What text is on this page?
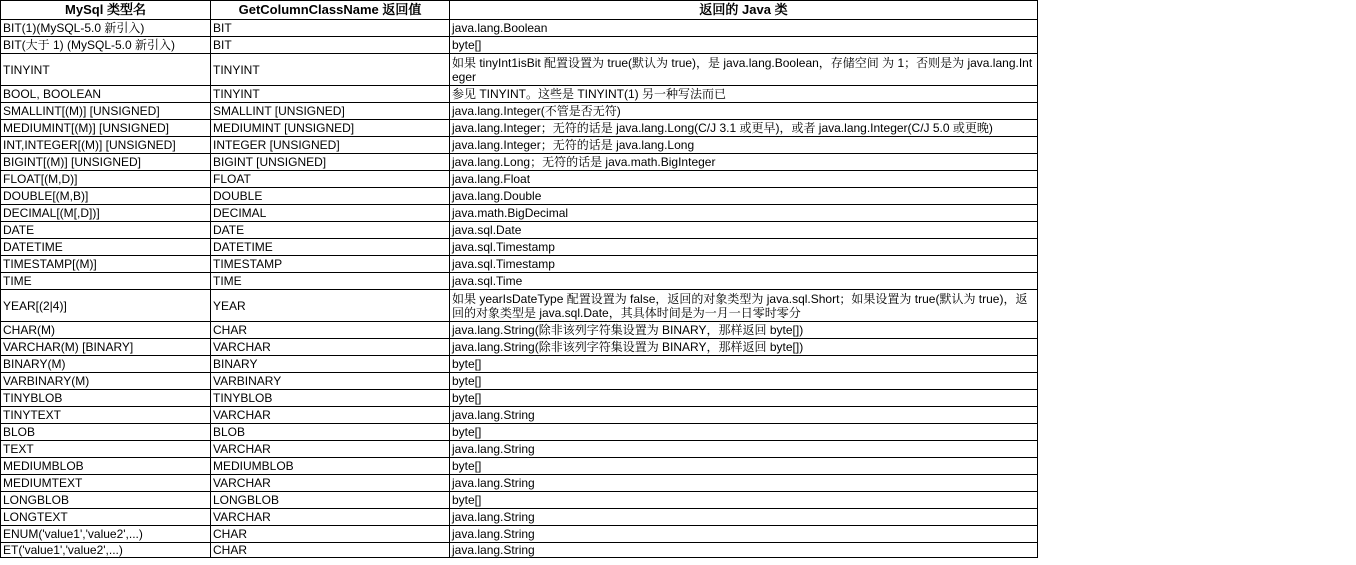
MySql 类型名	GetColumnClassName 返回值	返回的 Java 类
BIT(1)(MySQL-5.0 新引入)	BIT	java.lang.Boolean
BIT(大于 1) (MySQL-5.0 新引入)	BIT	byte[]
TINYINT	TINYINT	如果 tinyInt1isBit 配置设置为 true(默认为 true)，是 java.lang.Boolean，存储空间 为 1；否则是为 java.lang.Integer
BOOL, BOOLEAN	TINYINT	参见 TINYINT。这些是 TINYINT(1) 另一种写法而已
SMALLINT[(M)] [UNSIGNED]	SMALLINT [UNSIGNED]	java.lang.Integer(不管是否无符)
MEDIUMINT[(M)] [UNSIGNED]	MEDIUMINT [UNSIGNED]	java.lang.Integer；无符的话是 java.lang.Long(C/J 3.1 或更早)，或者 java.lang.Integer(C/J 5.0 或更晚)
INT,INTEGER[(M)] [UNSIGNED]	INTEGER [UNSIGNED]	java.lang.Integer；无符的话是 java.lang.Long
BIGINT[(M)] [UNSIGNED]	BIGINT [UNSIGNED]	java.lang.Long；无符的话是 java.math.BigInteger
FLOAT[(M,D)]	FLOAT	java.lang.Float
DOUBLE[(M,B)]	DOUBLE	java.lang.Double
DECIMAL[(M[,D])]	DECIMAL	java.math.BigDecimal
DATE	DATE	java.sql.Date
DATETIME	DATETIME	java.sql.Timestamp
TIMESTAMP[(M)]	TIMESTAMP	java.sql.Timestamp
TIME	TIME	java.sql.Time
YEAR[(2|4)]	YEAR	如果 yearIsDateType 配置设置为 false，返回的对象类型为 java.sql.Short；如果设置为 true(默认为 true)，返回的对象类型是 java.sql.Date，其具体时间是为一月一日零时零分
CHAR(M)	CHAR	java.lang.String(除非该列字符集设置为 BINARY，那样返回 byte[])
VARCHAR(M) [BINARY]	VARCHAR	java.lang.String(除非该列字符集设置为 BINARY，那样返回 byte[])
BINARY(M)	BINARY	byte[]
VARBINARY(M)	VARBINARY	byte[]
TINYBLOB	TINYBLOB	byte[]
TINYTEXT	VARCHAR	java.lang.String
BLOB	BLOB	byte[]
TEXT	VARCHAR	java.lang.String
MEDIUMBLOB	MEDIUMBLOB	byte[]
MEDIUMTEXT	VARCHAR	java.lang.String
LONGBLOB	LONGBLOB	byte[]
LONGTEXT	VARCHAR	java.lang.String
ENUM('value1','value2',...)	CHAR	java.lang.String
ET('value1','value2',...)	CHAR	java.lang.String
